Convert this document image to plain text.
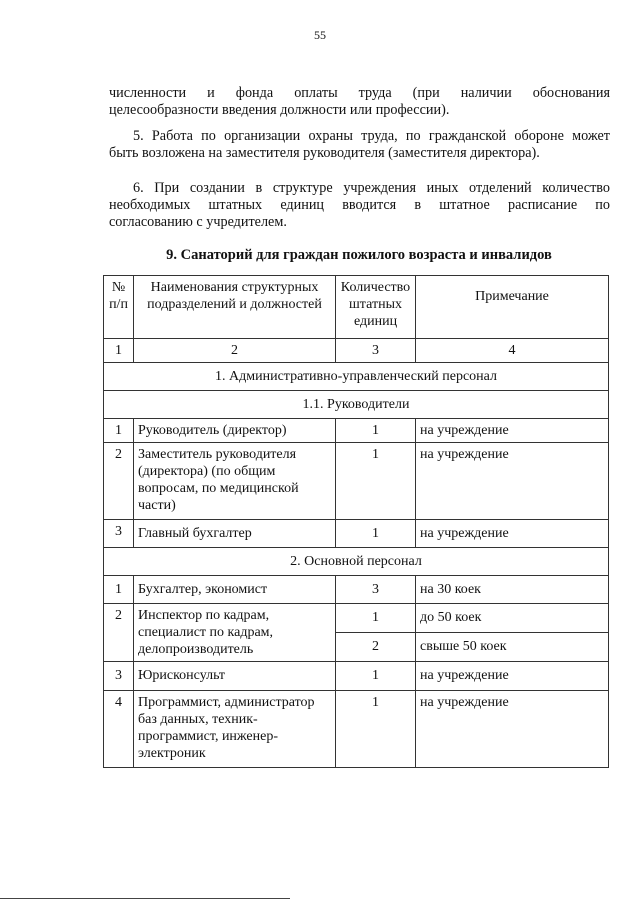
55
численности и фонда оплаты труда (при наличии обоснования
целесообразности введения должности или профессии).
5. Работа по организации охраны труда, по гражданской обороне может
быть возложена на заместителя руководителя (заместителя директора).
6. При создании в структуре учреждения иных отделений количество
необходимых штатных единиц вводится в штатное расписание по
согласованию с учредителем.
9. Санаторий для граждан пожилого возраста и инвалидов
№ п/п	Наименования структурных подразделений и должностей	Количество штатных единиц	Примечание
1	2	3	4
1. Административно-управленческий персонал			
1.1. Руководители			
1	Руководитель (директор)	1	на учреждение
2	Заместитель руководителя (директора) (по общим вопросам, по медицинской части)	1	на учреждение
3	Главный бухгалтер	1	на учреждение
2. Основной персонал			
1	Бухгалтер, экономист	3	на 30 коек
2	Инспектор по кадрам, специалист по кадрам, делопроизводитель	1	до 50 коек
		2	свыше 50 коек
3	Юрисконсульт	1	на учреждение
4	Программист, администратор баз данных, техник-программист, инженер-электроник	1	на учреждение
